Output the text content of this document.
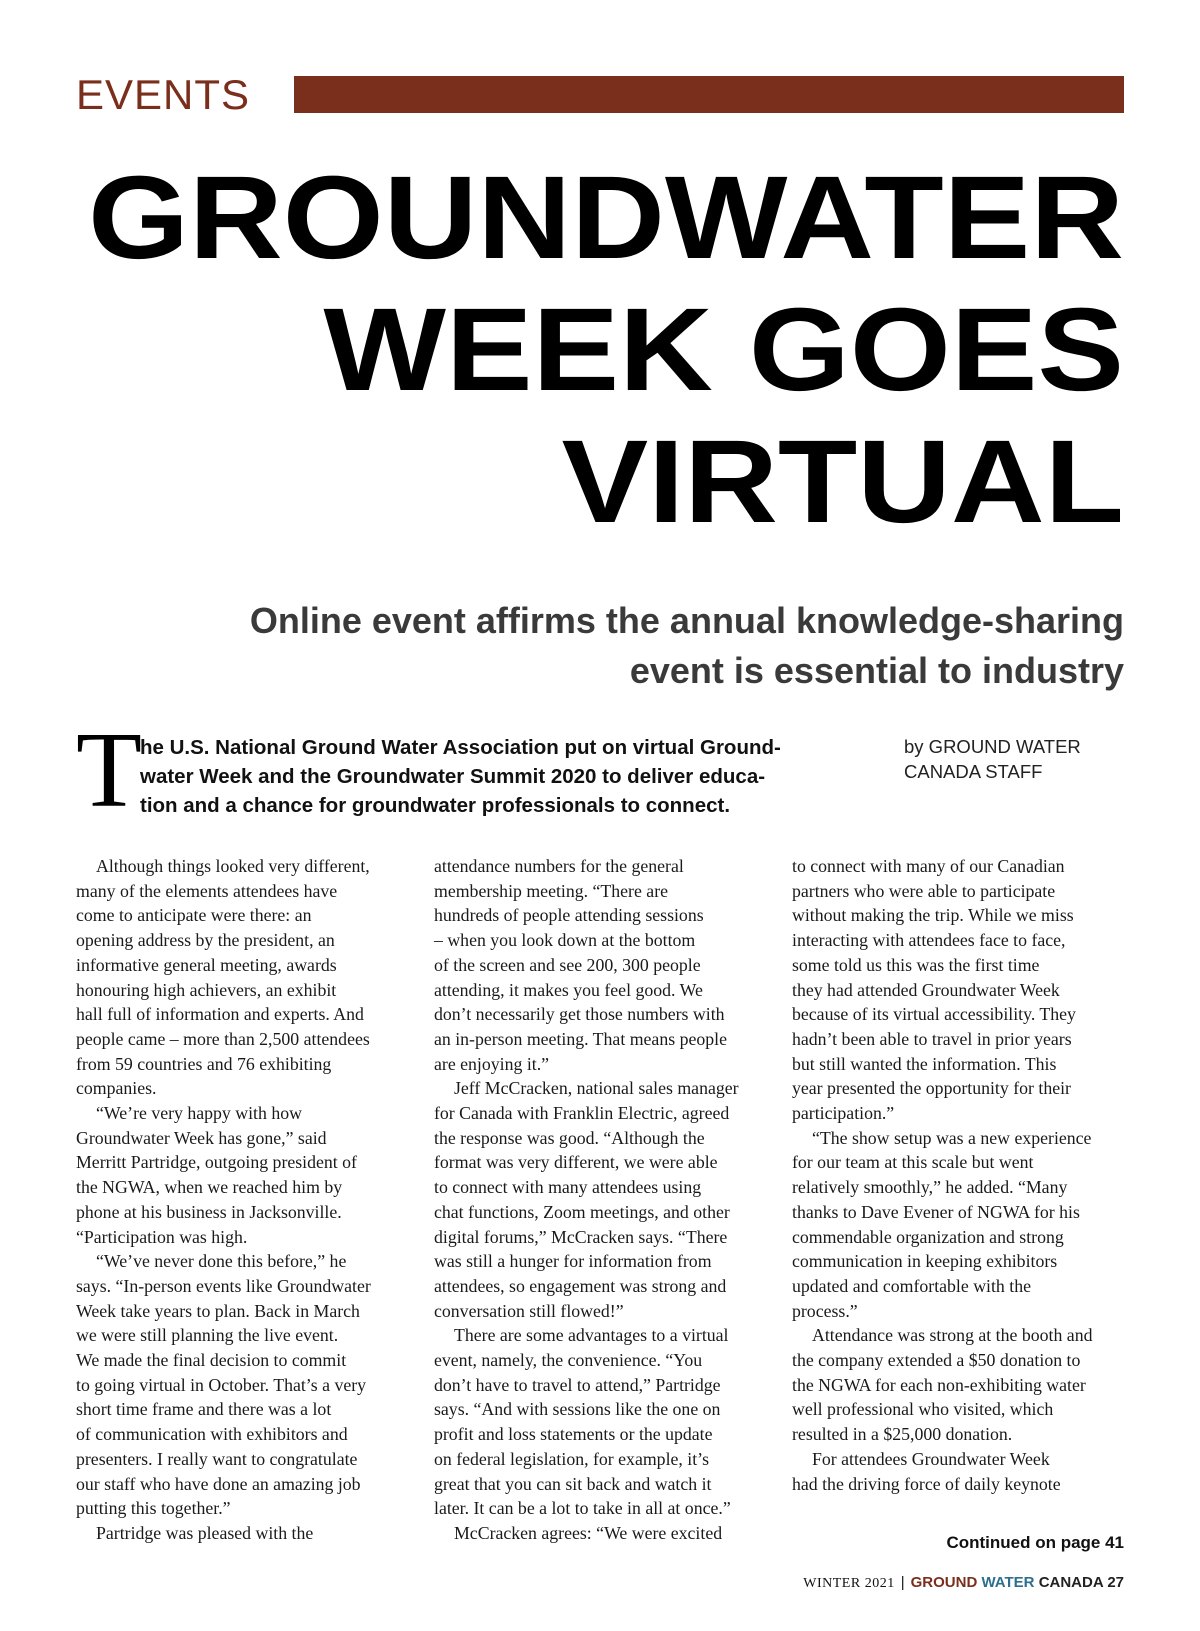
EVENTS
GROUNDWATER
WEEK GOES
VIRTUAL
Online event affirms the annual knowledge-sharing
event is essential to industry
T

he U.S. National Ground Water Association put on virtual Ground-
water Week and the Groundwater Summit 2020 to deliver educa-
tion and a chance for groundwater professionals to connect.

by GROUND WATER
CANADA STAFF
Although things looked very different,
many of the elements attendees have
come to anticipate were there: an
opening address by the president, an
informative general meeting, awards
honouring high achievers, an exhibit
hall full of information and experts. And
people came – more than 2,500 attendees
from 59 countries and 76 exhibiting
companies.
“We’re very happy with how
Groundwater Week has gone,” said
Merritt Partridge, outgoing president of
the NGWA, when we reached him by
phone at his business in Jacksonville.
“Participation was high.
“We’ve never done this before,” he
says. “In-person events like Groundwater
Week take years to plan. Back in March
we were still planning the live event.
We made the final decision to commit
to going virtual in October. That’s a very
short time frame and there was a lot
of communication with exhibitors and
presenters. I really want to congratulate
our staff who have done an amazing job
putting this together.”
Partridge was pleased with the
attendance numbers for the general
membership meeting. “There are
hundreds of people attending sessions
– when you look down at the bottom
of the screen and see 200, 300 people
attending, it makes you feel good. We
don’t necessarily get those numbers with
an in-person meeting. That means people
are enjoying it.”
Jeff McCracken, national sales manager
for Canada with Franklin Electric, agreed
the response was good. “Although the
format was very different, we were able
to connect with many attendees using
chat functions, Zoom meetings, and other
digital forums,” McCracken says. “There
was still a hunger for information from
attendees, so engagement was strong and
conversation still flowed!”
There are some advantages to a virtual
event, namely, the convenience. “You
don’t have to travel to attend,” Partridge
says. “And with sessions like the one on
profit and loss statements or the update
on federal legislation, for example, it’s
great that you can sit back and watch it
later. It can be a lot to take in all at once.”
McCracken agrees: “We were excited
to connect with many of our Canadian
partners who were able to participate
without making the trip. While we miss
interacting with attendees face to face,
some told us this was the first time
they had attended Groundwater Week
because of its virtual accessibility. They
hadn’t been able to travel in prior years
but still wanted the information. This
year presented the opportunity for their
participation.”
“The show setup was a new experience
for our team at this scale but went
relatively smoothly,” he added. “Many
thanks to Dave Evener of NGWA for his
commendable organization and strong
communication in keeping exhibitors
updated and comfortable with the
process.”
Attendance was strong at the booth and
the company extended a $50 donation to
the NGWA for each non-exhibiting water
well professional who visited, which
resulted in a $25,000 donation.
For attendees Groundwater Week
had the driving force of daily keynote
Continued on page 41
WINTER 2021 | GROUND WATER CANADA 27
